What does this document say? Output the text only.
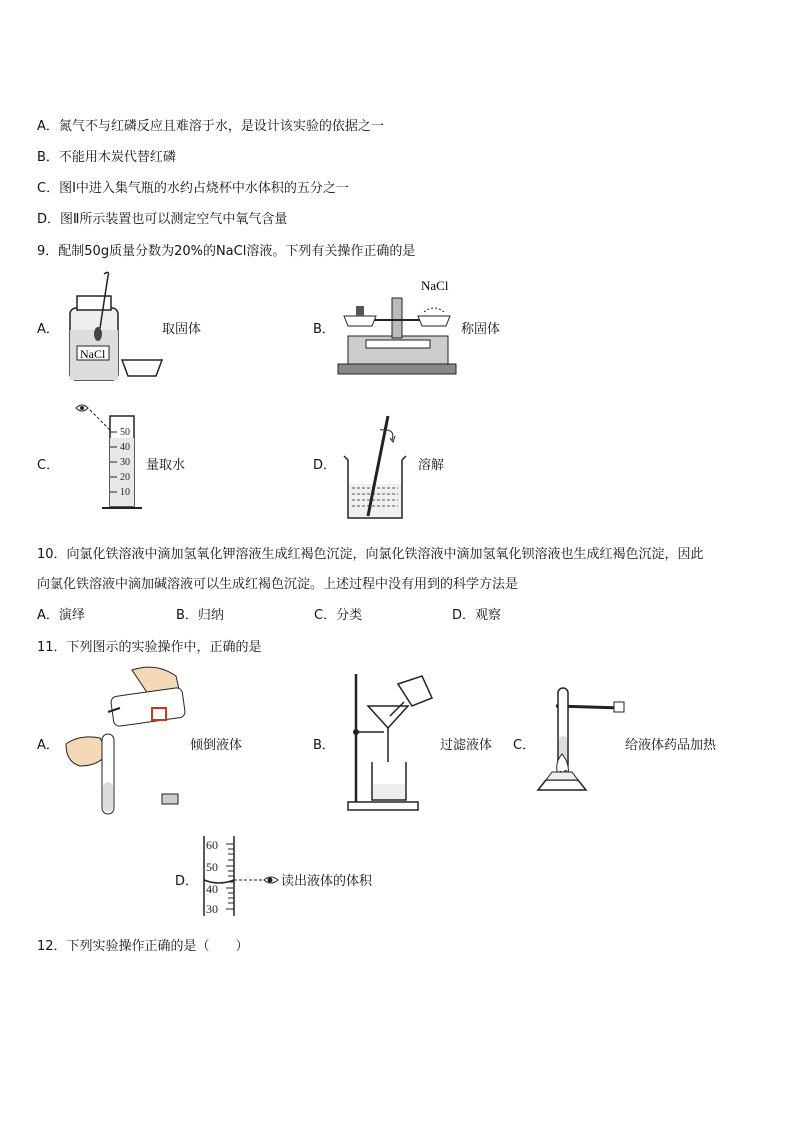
A．氮气不与红磷反应且难溶于水，是设计该实验的依据之一
B．不能用木炭代替红磷
C．图Ⅰ中进入集气瓶的水约占烧杯中水体积的五分之一
D．图Ⅱ所示装置也可以测定空气中氧气含量
9．配制50g质量分数为20%的NaCl溶液。下列有关操作正确的是
A．
NaCl
取固体	B．
NaCl
称固体
C．
50
40
30
20
10
量取水	D．	溶解
10．向氯化铁溶液中滴加氢氧化钾溶液生成红褐色沉淀，向氯化铁溶液中滴加氢氧化钡溶液也生成红褐色沉淀，因此
向氯化铁溶液中滴加碱溶液可以生成红褐色沉淀。上述过程中没有用到的科学方法是
A．演绎	B．归纳	C．分类	D．观察
11．下列图示的实验操作中，正确的是
A．	倾倒液体	B．	过滤液体 C．	给液体药品加热
D．
60
50
40
30
读出液体的体积
12．下列实验操作正确的是（　　）
